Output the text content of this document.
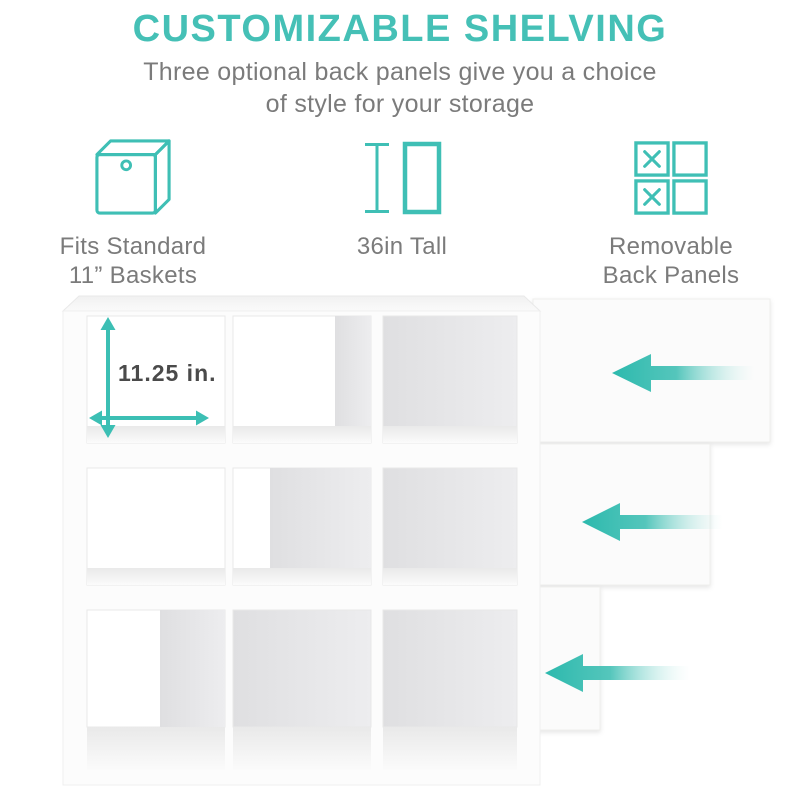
CUSTOMIZABLE SHELVING
Three optional back panels give you a choice
of style for your storage
Fits Standard
11” Baskets
36in Tall	Removable
Back Panels
11.25 in.
